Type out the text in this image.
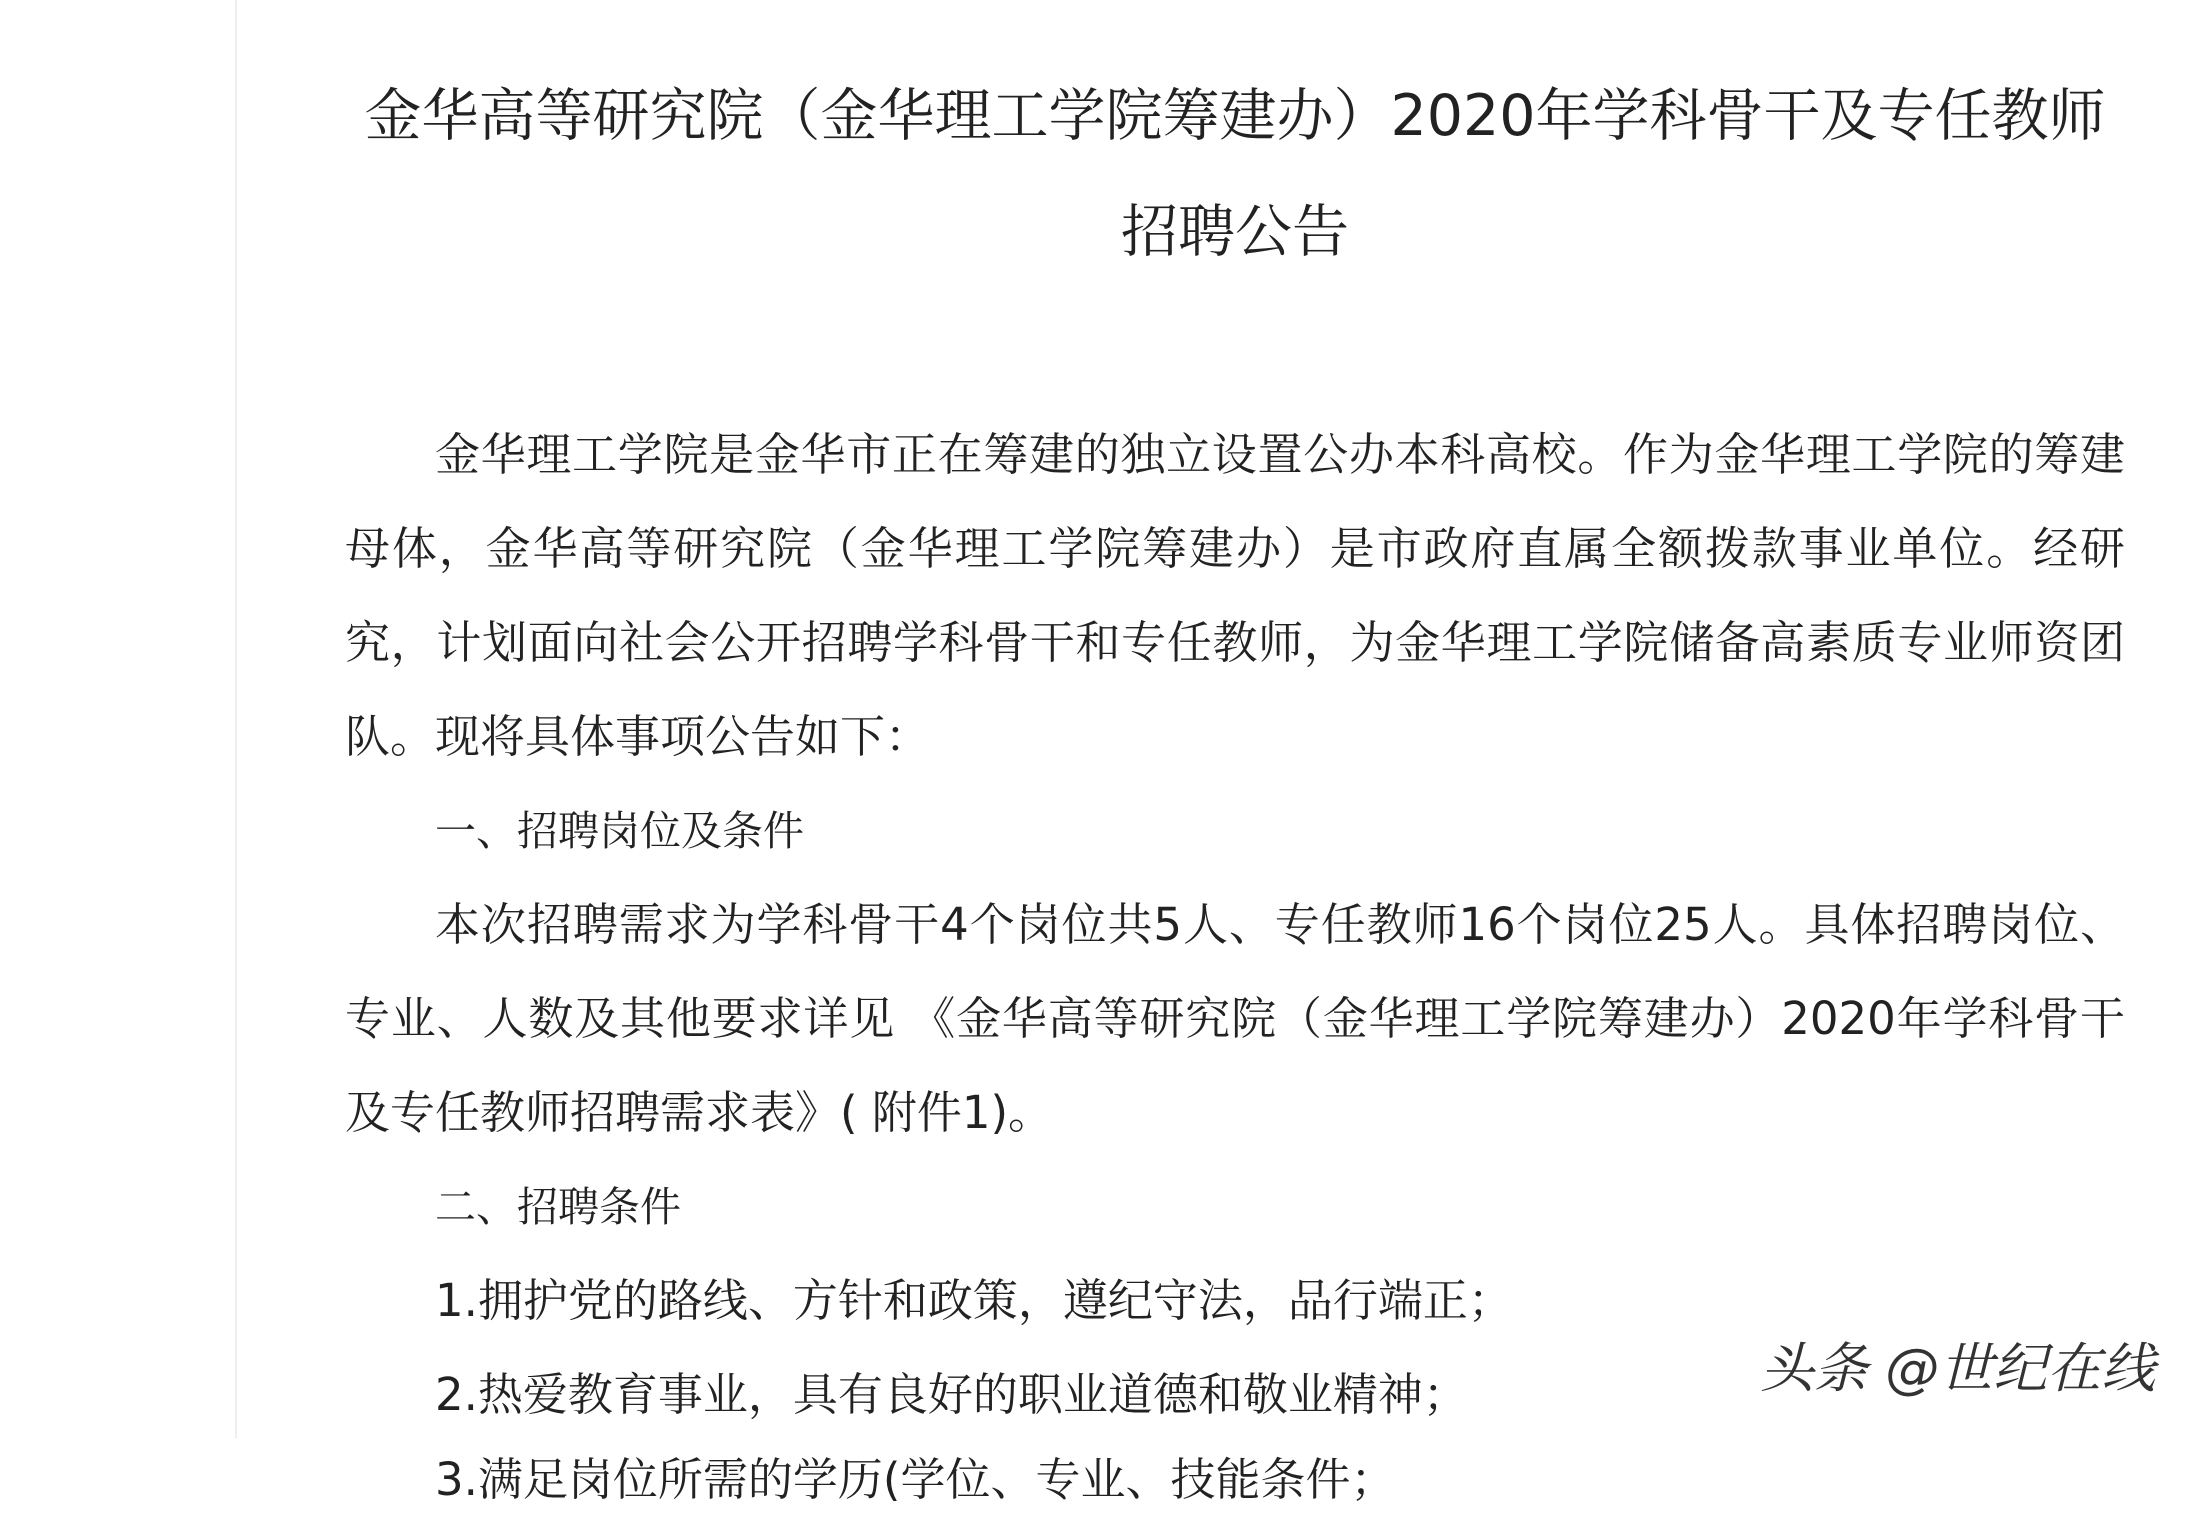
金华高等研究院（金华理工学院筹建办）2020年学科骨干及专任教师招聘公告

金华理工学院是金华市正在筹建的独立设置公办本科高校。作为金华理工学院的筹建母体，金华高等研究院（金华理工学院筹建办）是市政府直属全额拨款事业单位。经研究，计划面向社会公开招聘学科骨干和专任教师，为金华理工学院储备高素质专业师资团队。现将具体事项公告如下：

一、招聘岗位及条件

本次招聘需求为学科骨干4个岗位共5人、专任教师16个岗位25人。具体招聘岗位、专业、人数及其他要求详见 《金华高等研究院（金华理工学院筹建办）2020年学科骨干及专任教师招聘需求表》( 附件1)。

二、招聘条件

1.拥护党的路线、方针和政策，遵纪守法，品行端正；

2.热爱教育事业，具有良好的职业道德和敬业精神；

3.满足岗位所需的学历(学位、专业、技能条件；

头条 @世纪在线
